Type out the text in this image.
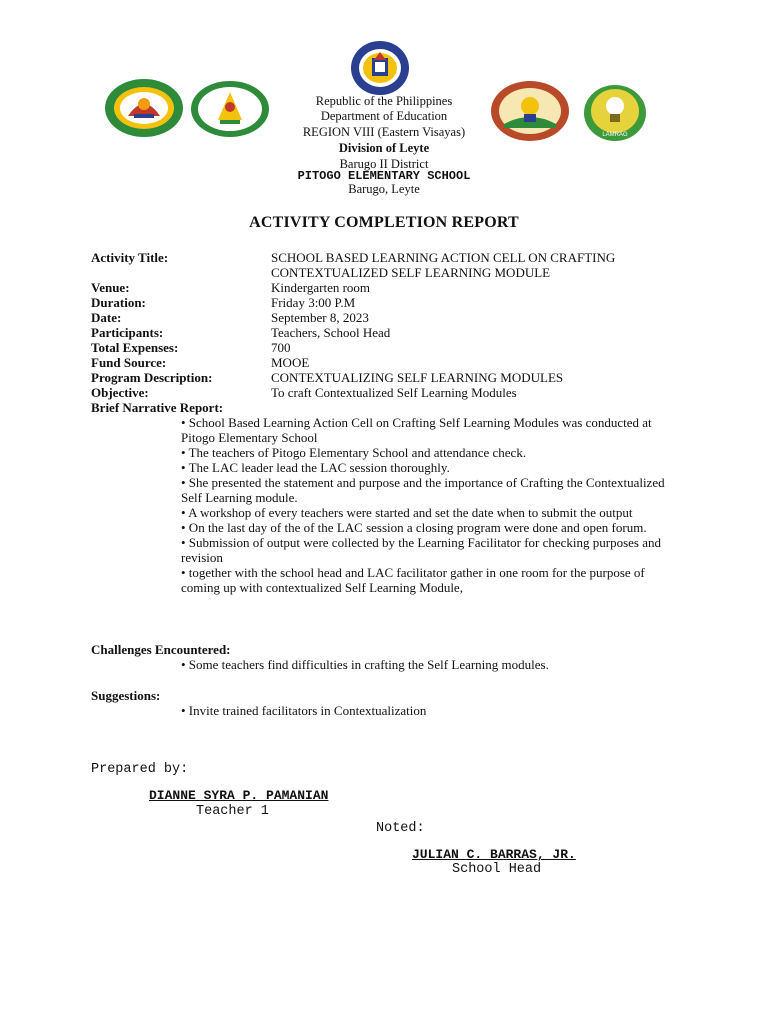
LAMRAG
Republic of the Philippines
Department of Education
REGION VIII (Eastern Visayas)
Division of Leyte
Barugo II District
PITOGO ELEMENTARY SCHOOL
Barugo, Leyte
ACTIVITY COMPLETION REPORT
Activity Title:	SCHOOL BASED LEARNING ACTION CELL ON CRAFTING
CONTEXTUALIZED SELF LEARNING MODULE
Venue:	Kindergarten room
Duration:	Friday 3:00 P.M
Date:	September 8, 2023
Participants:	Teachers, School Head
Total Expenses:	700
Fund Source:	MOOE
Program Description:	CONTEXTUALIZING SELF LEARNING MODULES
Objective:	To craft Contextualized Self Learning Modules
Brief Narrative Report:

• School Based Learning Action Cell on Crafting Self Learning Modules was conducted at Pitogo Elementary School

• The teachers of Pitogo Elementary School and attendance check.

• The LAC leader lead the LAC session thoroughly.

• She presented the statement and purpose and the importance of Crafting the Contextualized Self Learning module.

• A workshop of every teachers were started and set the date when to submit the output

• On the last day of the of the LAC session a closing program were done and open forum.

• Submission of output were collected by the Learning Facilitator for checking purposes and revision

• together with the school head and LAC facilitator gather in one room for the purpose of coming up with contextualized Self Learning Module,

Challenges Encountered:
• Some teachers find difficulties in crafting the Self Learning modules.
Suggestions:
• Invite trained facilitators in Contextualization
Prepared by:
DIANNE SYRA P. PAMANIAN
Teacher 1
Noted:
JULIAN C. BARRAS, JR.
School Head
